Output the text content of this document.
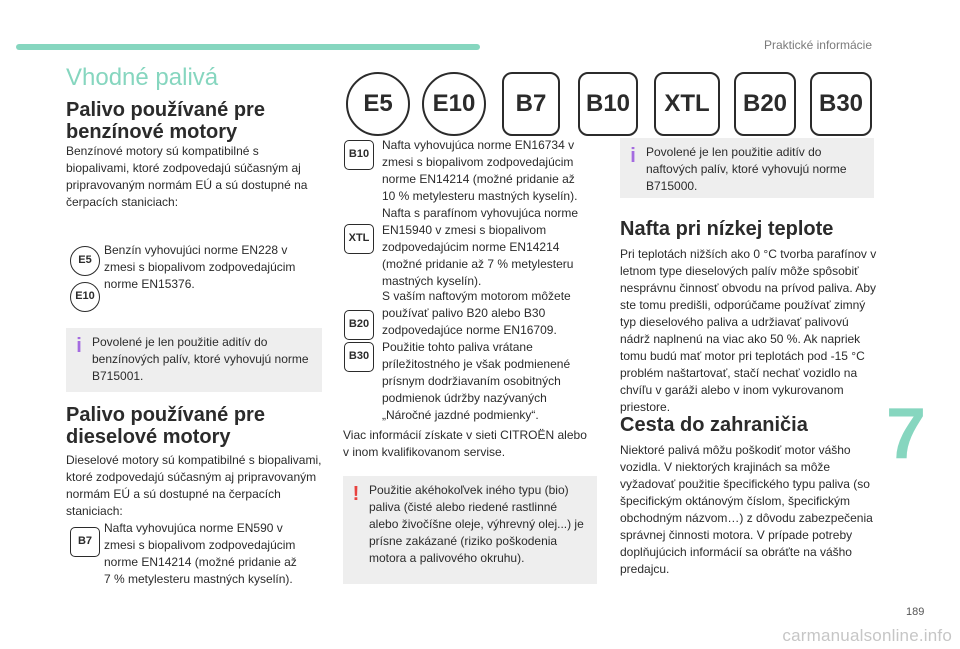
Praktické informácie
7
189
carmanualsonline.info
Vhodné palivá
E5	E10	B7	B10	XTL	B20	B30
Palivo používané pre benzínové motory

Benzínové motory sú kompatibilné s biopalivami, ktoré zodpovedajú súčasným aj pripravovaným normám EÚ a sú dostupné na čerpacích staniciach:

E5
E10

Benzín vyhovujúci norme EN228 v zmesi s biopalivom zodpovedajúcim norme EN15376.

i Povolené je len použitie aditív do benzínových palív, ktoré vyhovujú norme B715001.

Palivo používané pre dieselové motory

Dieselové motory sú kompatibilné s biopalivami, ktoré zodpovedajú súčasným aj pripravovaným normám EÚ a sú dostupné na čerpacích staniciach:

B7

Nafta vyhovujúca norme EN590 v zmesi s biopalivom zodpovedajúcim norme EN14214 (možné pridanie až 7 % metylesteru mastných kyselín).

B10

Nafta vyhovujúca norme EN16734 v zmesi s biopalivom zodpovedajúcim norme EN14214 (možné pridanie až 10 % metylesteru mastných kyselín).

XTL

Nafta s parafínom vyhovujúca norme EN15940 v zmesi s biopalivom zodpovedajúcim norme EN14214 (možné pridanie až 7 % metylesteru mastných kyselín).

B20
B30

S vaším naftovým motorom môžete používať palivo B20 alebo B30 zodpovedajúce norme EN16709. Použitie tohto paliva vrátane príležitostného je však podmienené prísnym dodržiavaním osobitných podmienok údržby nazývaných „Náročné jazdné podmienky“.

Viac informácií získate v sieti CITROËN alebo v inom kvalifikovanom servise.

! Použitie akéhokoľvek iného typu (bio) paliva (čisté alebo riedené rastlinné alebo živočíšne oleje, výhrevný olej...) je prísne zakázané (riziko poškodenia motora a palivového okruhu).

i Povolené je len použitie aditív do naftových palív, ktoré vyhovujú norme B715000.

Nafta pri nízkej teplote

Pri teplotách nižších ako 0 °C tvorba parafínov v letnom type dieselových palív môže spôsobiť nesprávnu činnosť obvodu na prívod paliva. Aby ste tomu predišli, odporúčame používať zimný typ dieselového paliva a udržiavať palivovú nádrž naplnenú na viac ako 50 %. Ak napriek tomu budú mať motor pri teplotách pod -15 °C problém naštartovať, stačí nechať vozidlo na chvíľu v garáži alebo v inom vykurovanom priestore.

Cesta do zahraničia

Niektoré palivá môžu poškodiť motor vášho vozidla. V niektorých krajinách sa môže vyžadovať použitie špecifického typu paliva (so špecifickým oktánovým číslom, špecifickým obchodným názvom…) z dôvodu zabezpečenia správnej činnosti motora. V prípade potreby doplňujúcich informácií sa obráťte na vášho predajcu.
